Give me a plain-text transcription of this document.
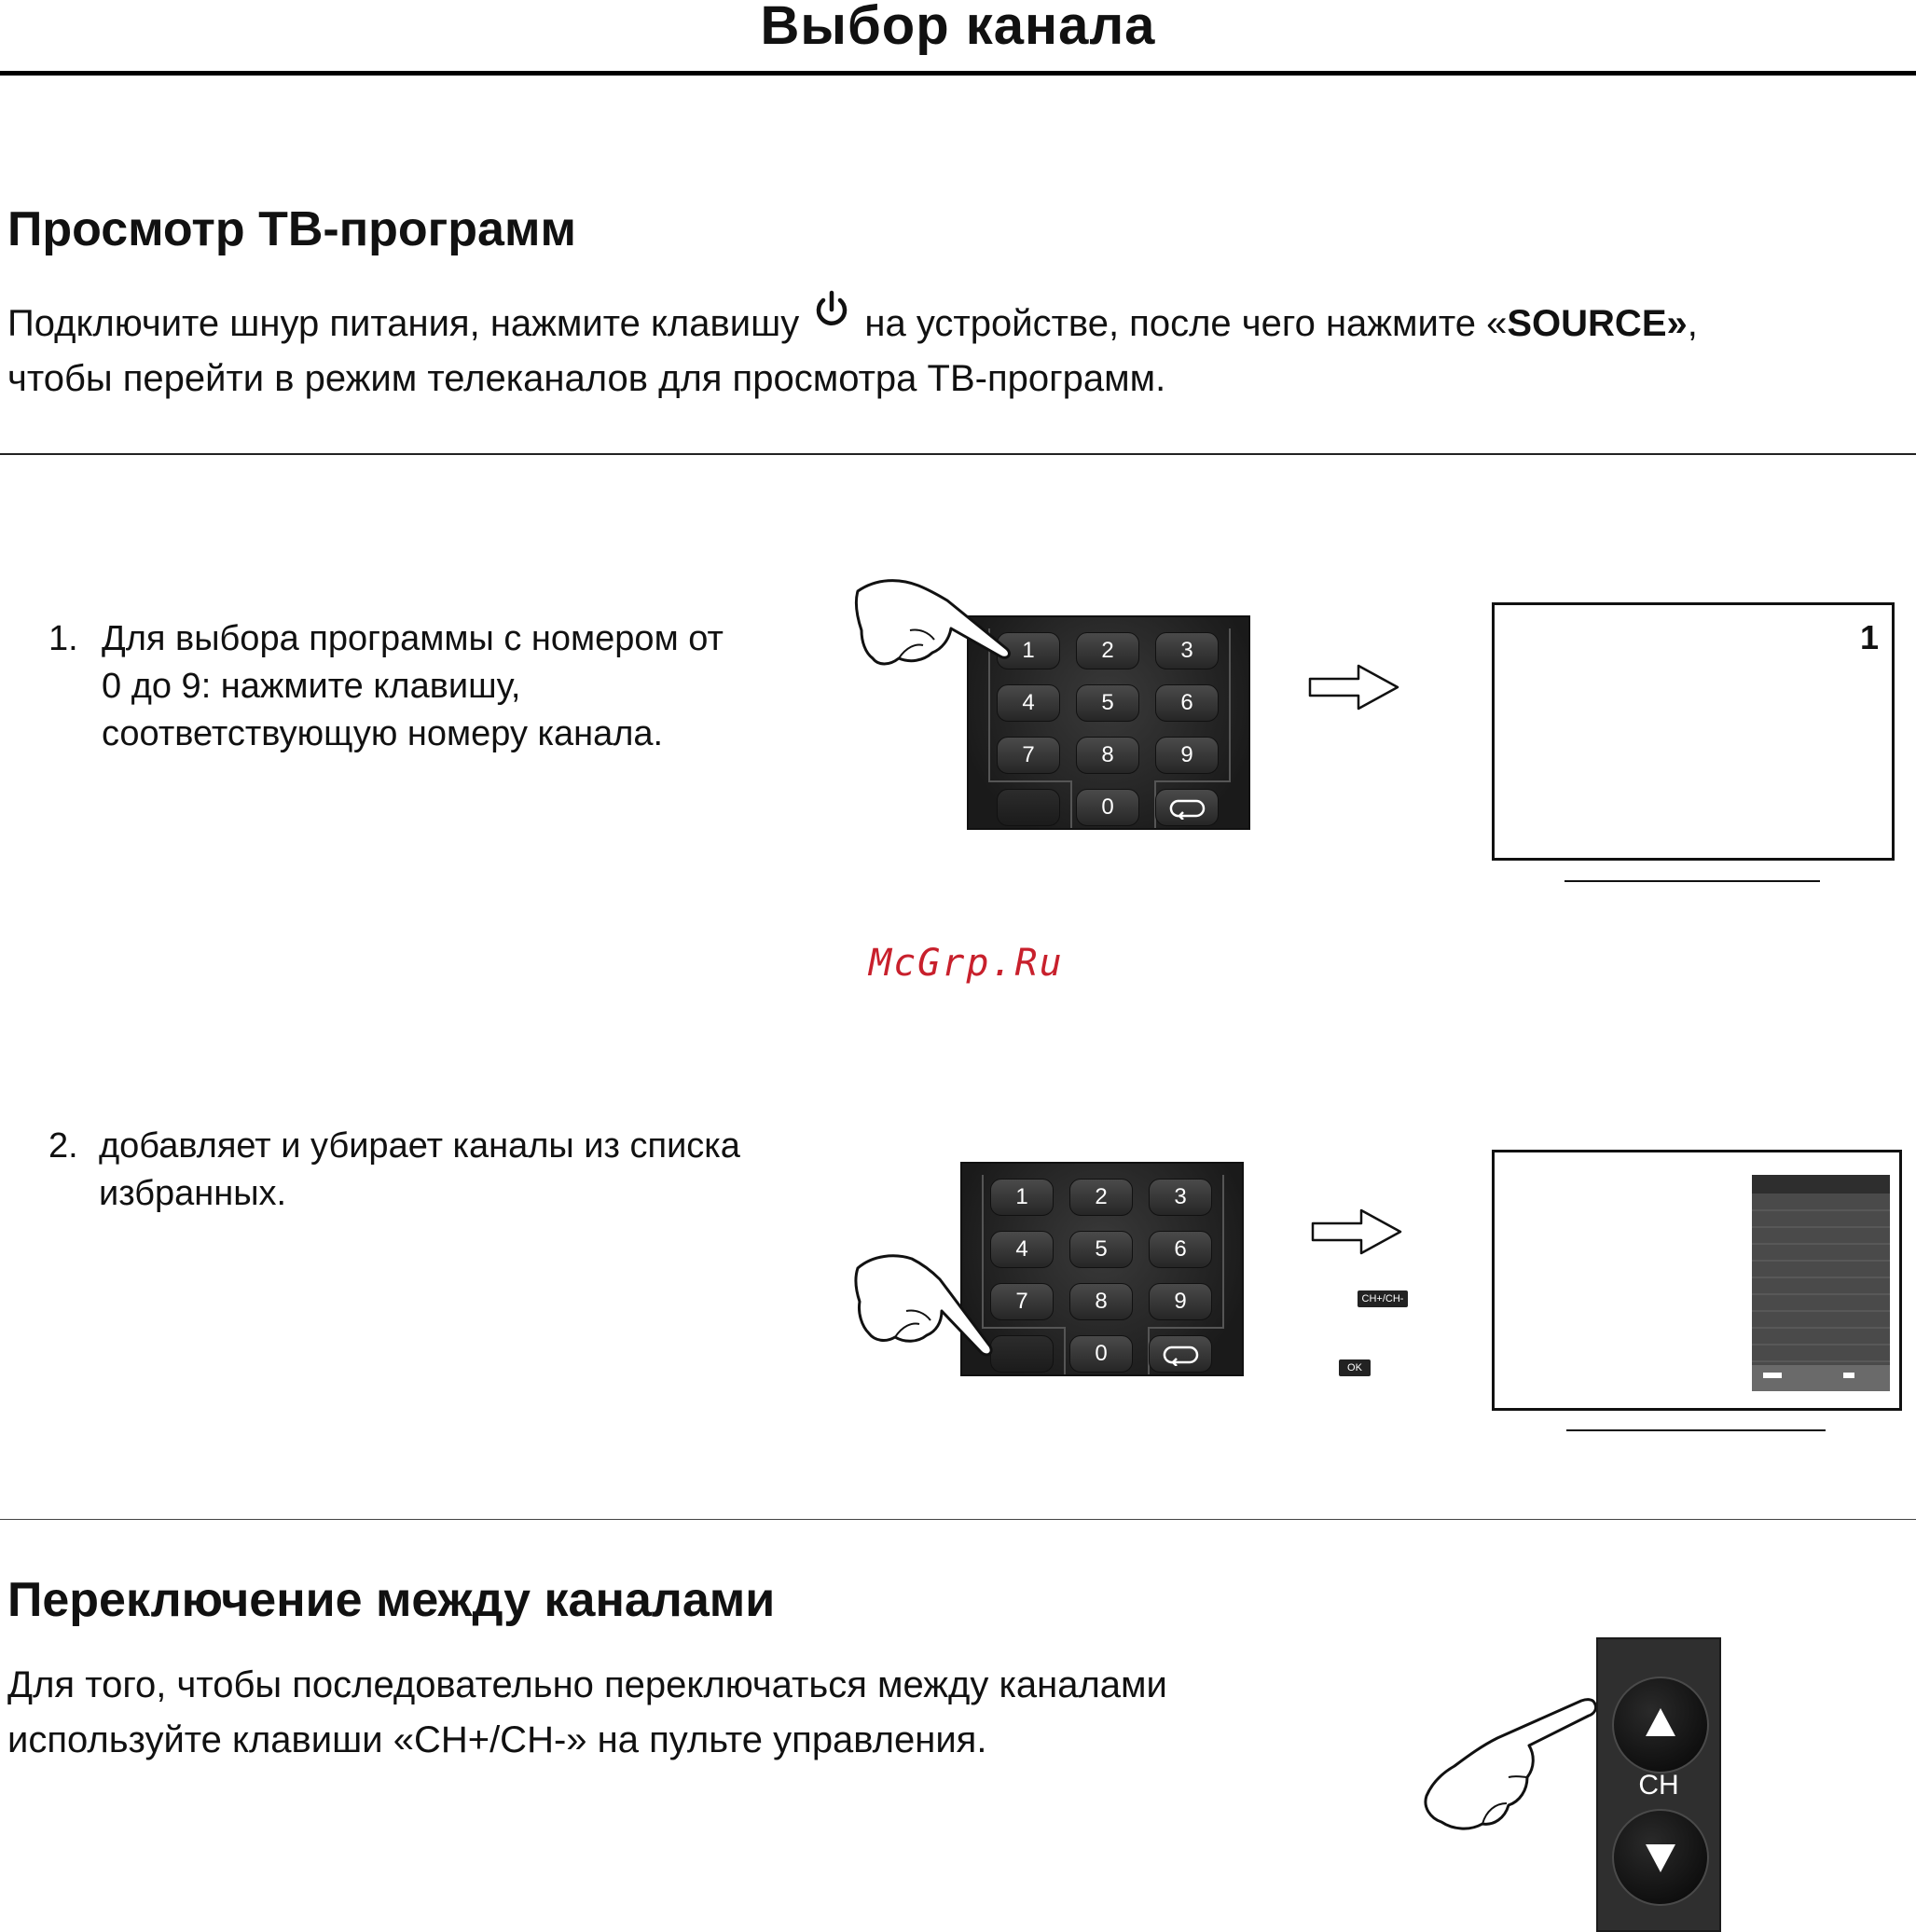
Выбор канала
Просмотр ТВ-программ
Подключите шнур питания, нажмите клавишу  на устройстве, после чего нажмите «SOURCE»,
чтобы перейти в режим телеканалов для просмотра ТВ-программ.
1. Для выбора программы с номером от
0 до 9: нажмите клавишу,
соответствующую номеру канала.
1	2	3
4	5	6
7	8	9
0
1
McGrp.Ru
2. добавляет и убирает каналы из списка
избранных.	1	2	3
4	5	6
7	8	9
0
CH+/CH-
OK
Переключение между каналами
Для того, чтобы последовательно переключаться между каналами
используйте клавиши «CH+/CH-» на пульте управления.
CH
